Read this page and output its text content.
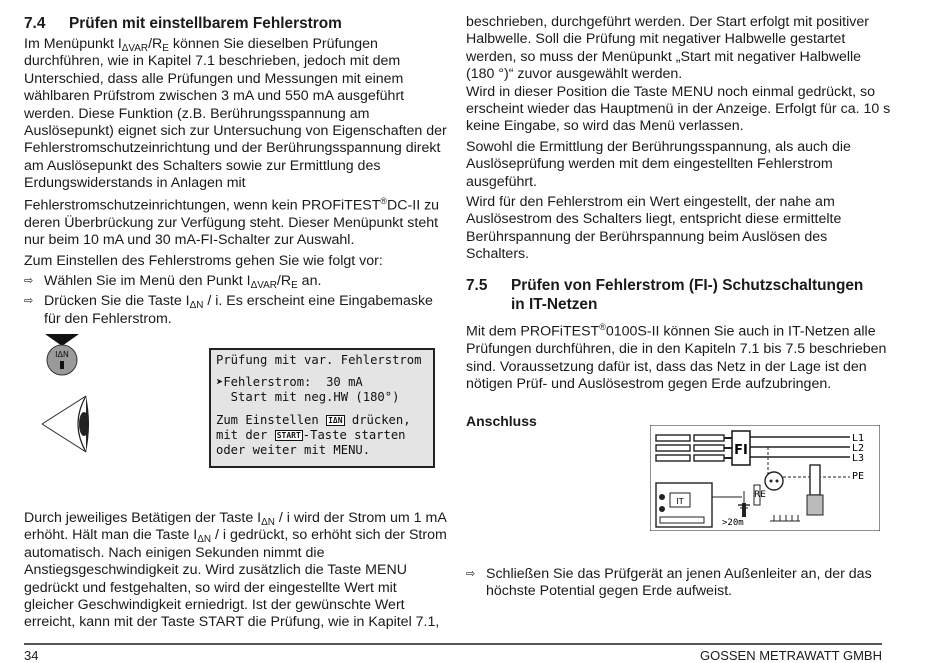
7.4	Prüfen mit einstellbarem Fehlerstrom

Im Menüpunkt $I_{\Delta VAR}/R_E$ können Sie dieselben Prüfungen durchführen, wie in Kapitel 7.1 beschrieben, jedoch mit dem Unterschied, dass alle Prüfungen und Messungen mit einem wählbaren Prüfstrom zwischen 3 mA und 550 mA ausgeführt werden. Diese Funktion (z.B. Berührungsspannung am Auslösepunkt) eignet sich zur Untersuchung von Eigenschaften der Fehlerstromschutzeinrichtung und der Berührungsspannung direkt am Auslösepunkt des Schalters sowie zur Ermittlung des Erdungswiderstands in Anlagen mit Fehlerstromschutzeinrichtungen, wenn kein PROFiTEST®DC-II zu deren Überbrückung zur Verfügung steht. Dieser Menüpunkt steht nur beim 10 mA und 30 mA-FI-Schalter zur Auswahl.

Zum Einstellen des Fehlerstroms gehen Sie wie folgt vor:

⇨ Wählen Sie im Menü den Punkt $I_{\Delta VAR}/R_E$ an.

⇨ Drücken Sie die Taste $I_{\Delta N}$ / i. Es erscheint eine Eingabemaske für den Fehlerstrom.

IΔN	Prüfung mit var. Fehlerstrom
➤Fehlerstrom:  30 mA
Start mit neg.HW (180°)
Zum Einstellen IΔN drücken,
mit der START -Taste starten
oder weiter mit MENU.

Durch jeweiliges Betätigen der Taste $I_{\Delta N}$ / i wird der Strom um 1 mA erhöht. Hält man die Taste $I_{\Delta N}$ / i gedrückt, so erhöht sich der Strom automatisch. Nach einigen Sekunden nimmt die Anstiegsgeschwindigkeit zu. Wird zusätzlich die Taste MENU gedrückt und festgehalten, so wird der eingestellte Wert mit gleicher Geschwindigkeit erniedrigt. Ist der gewünschte Wert erreicht, kann mit der Taste START die Prüfung, wie in Kapitel 7.1,

beschrieben, durchgeführt werden. Der Start erfolgt mit positiver Halbwelle. Soll die Prüfung mit negativer Halbwelle gestartet werden, so muss der Menüpunkt „Start mit negativer Halbwelle (180 °)“ zuvor ausgewählt werden.

Wird in dieser Position die Taste MENU noch einmal gedrückt, so erscheint wieder das Hauptmenü in der Anzeige. Erfolgt für ca. 10 s keine Eingabe, so wird das Menü verlassen.

Sowohl die Ermittlung der Berührungsspannung, als auch die Auslöseprüfung werden mit dem eingestellten Fehlerstrom ausgeführt.

Wird für den Fehlerstrom ein Wert eingestellt, der nahe am Auslösestrom des Schalters liegt, entspricht diese ermittelte Berührspannung der Berührspannung beim Auslösen des Schalters.

7.5	Prüfen von Fehlerstrom (FI-) Schutzschaltungen
in IT-Netzen

Mit dem PROFiTEST®0100S-II können Sie auch in IT-Netzen alle Prüfungen durchführen, die in den Kapiteln 7.1 bis 7.5 beschrieben sind. Voraussetzung dafür ist, dass das Netz in der Lage ist den nötigen Prüf- und Auslösestrom gegen Erde aufzubringen.

Anschluss
FI
L1
L2
L3
PE
RE
IT
>20m
⇨ Schließen Sie das Prüfgerät an jenen Außenleiter an, der das höchste Potential gegen Erde aufweist.

34	GOSSEN METRAWATT GMBH
